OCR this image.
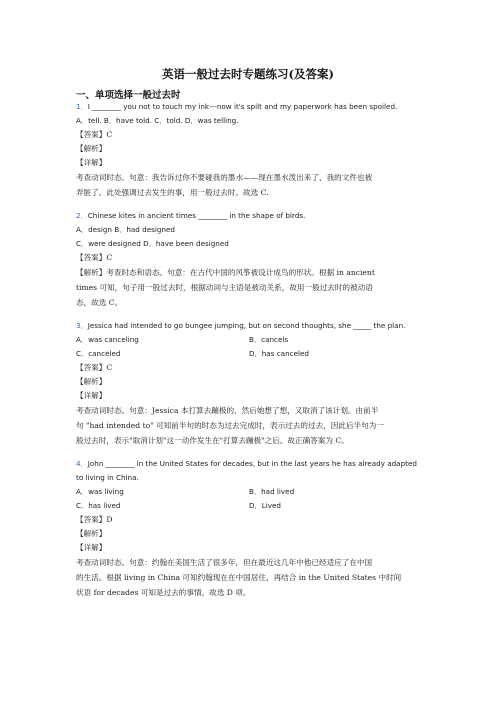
英语一般过去时专题练习(及答案)
一、单项选择一般过去时
1．I ________ you not to touch my ink---now it's spilt and my paperwork has been spoiled.
A．tell. B．have told. C．told. D．was telling.
【答案】C
【解析】
【详解】
考查动词时态。句意：我告诉过你不要碰我的墨水——现在墨水泼出来了，我的文件也被
弄脏了。此处强调过去发生的事，用一般过去时。故选 C.
2．Chinese kites in ancient times ________ in the shape of birds.
A．design B．had designed
C．were designed D．have been designed
【答案】C
【解析】考查时态和语态。句意：在古代中国的风筝被设计成鸟的形状。根据 in ancient
times 可知，句子用一般过去时，根据动词与主语是被动关系，故用一般过去时的被动语
态，故选 C。
3．Jessica had intended to go bungee jumping, but on second thoughts, she _____ the plan.
A．was canceling	B．cancels
C．canceled	D．has canceled
【答案】C
【解析】
【详解】
考查动词时态。句意：Jessica 本打算去蹦极的，然后她想了想，又取消了该计划。由前半
句 "had intended to" 可知前半句的时态为过去完成时，表示过去的过去，因此后半句为一
般过去时，表示"取消计划"这一动作发生在"打算去蹦极"之后。故正确答案为 C。
4．John ________ in the United States for decades, but in the last years he has already adapted
to living in China.
A．was living	B．had lived
C．has lived	D．Lived
【答案】D
【解析】
【详解】
考查动词时态。句意：约翰在美国生活了很多年，但在最近这几年中他已经适应了在中国
的生活。根据 living in China 可知约翰现在在中国居住，再结合 in the United States 中时间
状语 for decades 可知是过去的事情，故选 D 项。
